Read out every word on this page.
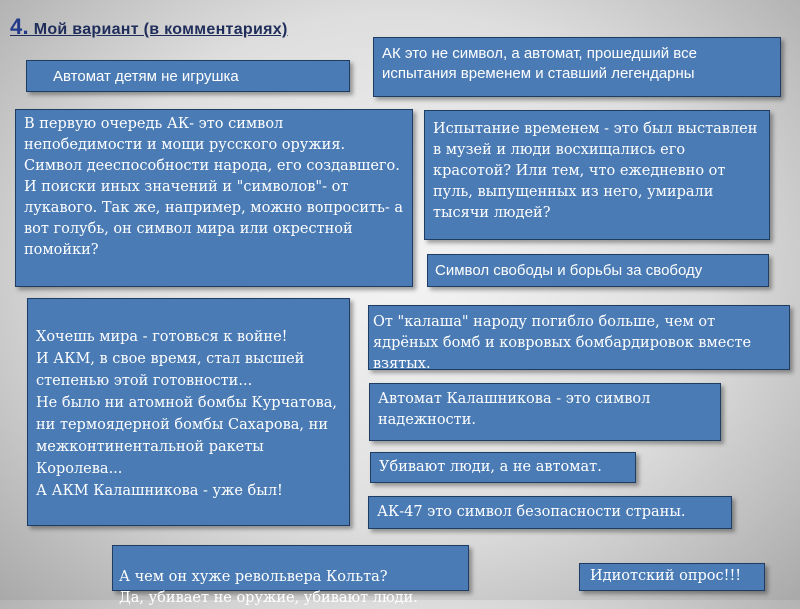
4. Мой вариант (в комментариях)
Автомат детям не игрушка
АК это не символ, а автомат, прошедший все испытания временем и ставший легендарны
В первую очередь АК- это символ непобедимости и мощи русского оружия. Символ дееспособности народа, его создавшего. И поиски иных значений и "символов"- от лукавого. Так же, например, можно вопросить- а вот голубь, он символ мира или окрестной помойки?
Испытание временем - это был выставлен в музей и люди восхищались его красотой? Или тем, что ежедневно от пуль, выпущенных из него, умирали тысячи людей?
Символ свободы и борьбы за свободу

Хочешь мира - готовься к войне!
И АКМ, в свое время, стал высшей степенью этой готовности...
Не было ни атомной бомбы Курчатова, ни термоядерной бомбы Сахарова, ни межконтинентальной ракеты Королева...
А АКМ Калашникова - уже был!

От "калаша" народу погибло больше, чем от ядрёных бомб и ковровых бомбардировок вместе взятых.
Автомат Калашникова - это символ надежности.
Убивают люди, а не автомат.
АК-47 это символ безопасности страны.

А чем он хуже револьвера Кольта?
Да, убивает не оружие, убивают люди.

Идиотский опрос!!!
